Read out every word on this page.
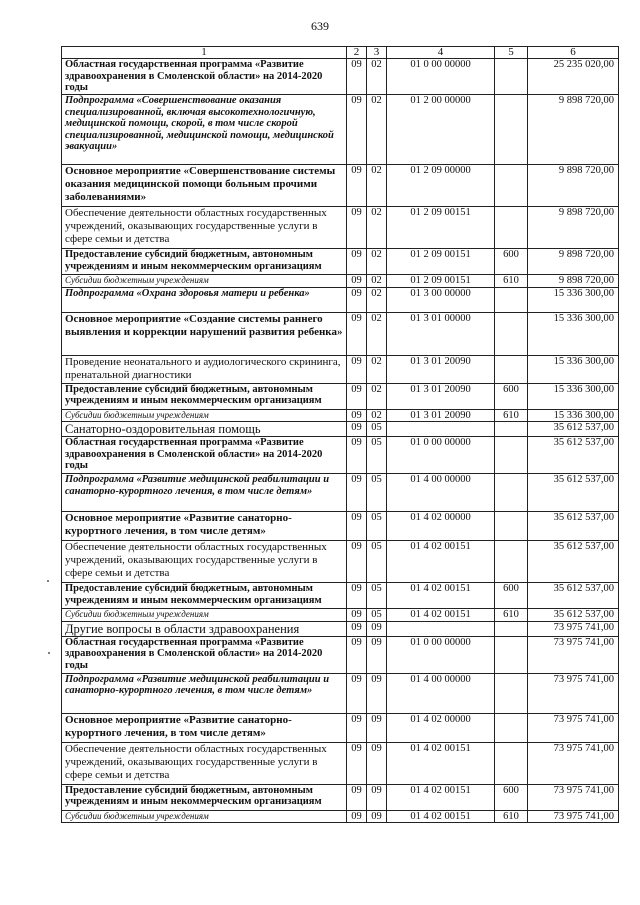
639
1	2	3	4	5	6
Областная государственная программа «Развитие здравоохранения в Смоленской области» на 2014-2020 годы	09	02	01 0 00 00000		25 235 020,00
Подпрограмма «Совершенствование оказания специализированной, включая высокотехнологичную, медицинской помощи, скорой, в том числе скорой специализированной, медицинской помощи, медицинской эвакуации»	09	02	01 2 00 00000		9 898 720,00
Основное мероприятие «Совершенствование системы оказания медицинской помощи больным прочими заболеваниями»	09	02	01 2 09 00000		9 898 720,00
Обеспечение деятельности областных государственных учреждений, оказывающих государственные услуги в сфере семьи и детства	09	02	01 2 09 00151		9 898 720,00
Предоставление субсидий бюджетным, автономным учреждениям и иным некоммерческим организациям	09	02	01 2 09 00151	600	9 898 720,00
Субсидии бюджетным учреждениям	09	02	01 2 09 00151	610	9 898 720,00
Подпрограмма «Охрана здоровья матери и ребенка»	09	02	01 3 00 00000		15 336 300,00
Основное мероприятие «Создание системы раннего выявления и коррекции нарушений развития ребенка»	09	02	01 3 01 00000		15 336 300,00
Проведение неонатального и аудиологического скрининга, пренатальной диагностики	09	02	01 3 01 20090		15 336 300,00
Предоставление субсидий бюджетным, автономным учреждениям и иным некоммерческим организациям	09	02	01 3 01 20090	600	15 336 300,00
Субсидии бюджетным учреждениям	09	02	01 3 01 20090	610	15 336 300,00
Санаторно-оздоровительная помощь	09	05			35 612 537,00
Областная государственная программа «Развитие здравоохранения в Смоленской области» на 2014-2020 годы	09	05	01 0 00 00000		35 612 537,00
Подпрограмма «Развитие медицинской реабилитации и санаторно-курортного лечения, в том числе детям»	09	05	01 4 00 00000		35 612 537,00
Основное мероприятие «Развитие санаторно-курортного лечения, в том числе детям»	09	05	01 4 02 00000		35 612 537,00
Обеспечение деятельности областных государственных учреждений, оказывающих государственные услуги в сфере семьи и детства	09	05	01 4 02 00151		35 612 537,00
Предоставление субсидий бюджетным, автономным учреждениям и иным некоммерческим организациям	09	05	01 4 02 00151	600	35 612 537,00
Субсидии бюджетным учреждениям	09	05	01 4 02 00151	610	35 612 537,00
Другие вопросы в области здравоохранения	09	09			73 975 741,00
Областная государственная программа «Развитие здравоохранения в Смоленской области» на 2014-2020 годы	09	09	01 0 00 00000		73 975 741,00
Подпрограмма «Развитие медицинской реабилитации и санаторно-курортного лечения, в том числе детям»	09	09	01 4 00 00000		73 975 741,00
Основное мероприятие «Развитие санаторно-курортного лечения, в том числе детям»	09	09	01 4 02 00000		73 975 741,00
Обеспечение деятельности областных государственных учреждений, оказывающих государственные услуги в сфере семьи и детства	09	09	01 4 02 00151		73 975 741,00
Предоставление субсидий бюджетным, автономным учреждениям и иным некоммерческим организациям	09	09	01 4 02 00151	600	73 975 741,00
Субсидии бюджетным учреждениям	09	09	01 4 02 00151	610	73 975 741,00
